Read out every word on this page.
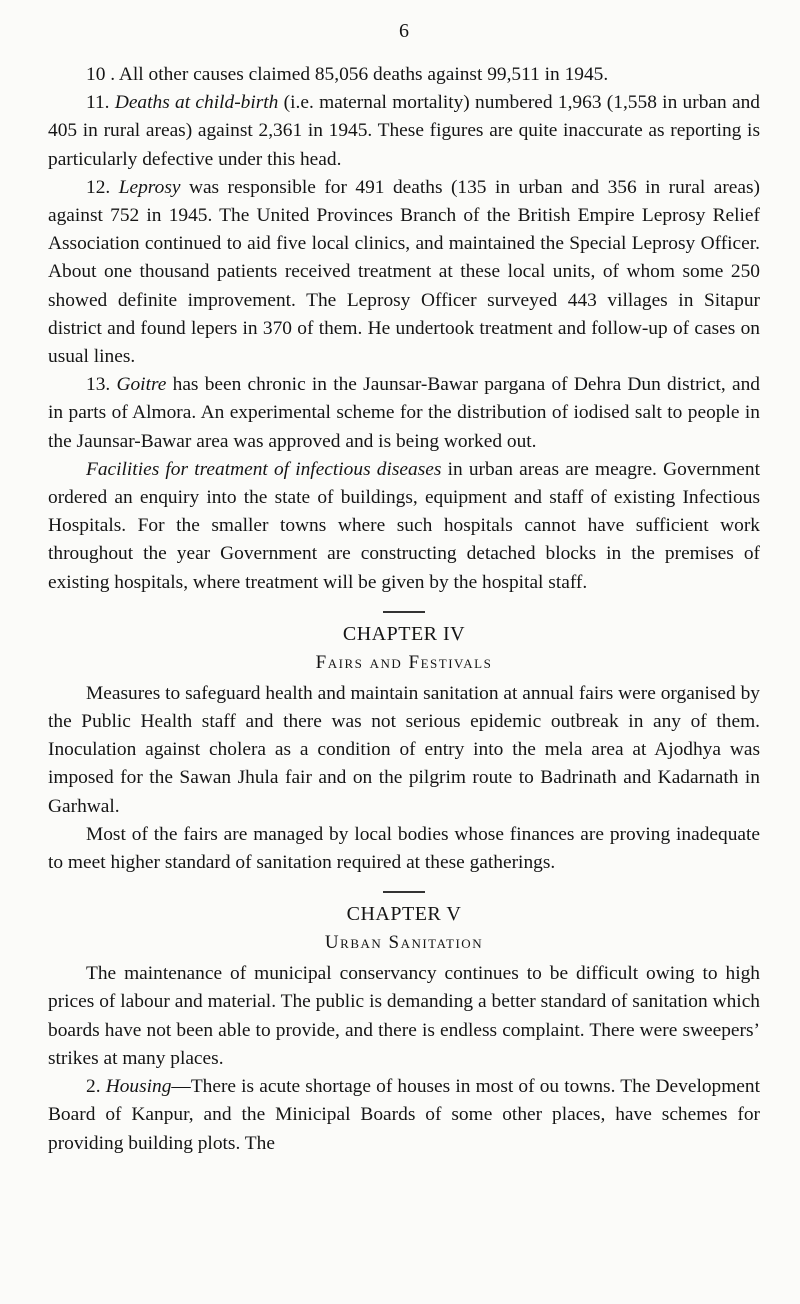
6

10 . All other causes claimed 85,056 deaths against 99,511 in 1945.

11. Deaths at child-birth (i.e. maternal mortality) numbered 1,963 (1,558 in urban and 405 in rural areas) against 2,361 in 1945. These figures are quite inaccurate as reporting is particularly defective under this head.

12. Leprosy was responsible for 491 deaths (135 in urban and 356 in rural areas) against 752 in 1945. The United Provinces Branch of the British Empire Leprosy Relief Association continued to aid five local clinics, and maintained the Special Leprosy Officer. About one thousand patients received treatment at these local units, of whom some 250 showed definite improvement. The Leprosy Officer surveyed 443 villages in Sitapur district and found lepers in 370 of them. He undertook treatment and follow-up of cases on usual lines.

13. Goitre has been chronic in the Jaunsar-Bawar pargana of Dehra Dun district, and in parts of Almora. An experimental scheme for the distribution of iodised salt to people in the Jaunsar-Bawar area was approved and is being worked out.

Facilities for treatment of infectious diseases in urban areas are meagre. Government ordered an enquiry into the state of buildings, equipment and staff of existing Infectious Hospitals. For the smaller towns where such hospitals cannot have sufficient work throughout the year Government are constructing detached blocks in the premises of existing hospitals, where treatment will be given by the hospital staff.

CHAPTER IV
Fairs and Festivals

Measures to safeguard health and maintain sanitation at annual fairs were organised by the Public Health staff and there was not serious epidemic outbreak in any of them. Inoculation against cholera as a condition of entry into the mela area at Ajodhya was imposed for the Sawan Jhula fair and on the pilgrim route to Badrinath and Kadarnath in Garhwal.

Most of the fairs are managed by local bodies whose finances are proving inadequate to meet higher standard of sanitation required at these gatherings.

CHAPTER V
Urban Sanitation

The maintenance of municipal conservancy continues to be difficult owing to high prices of labour and material. The public is demanding a better standard of sanitation which boards have not been able to provide, and there is endless complaint. There were sweepers’ strikes at many places.

2. Housing—There is acute shortage of houses in most of ou towns. The Development Board of Kanpur, and the Minicipal Boards of some other places, have schemes for providing building plots. The
